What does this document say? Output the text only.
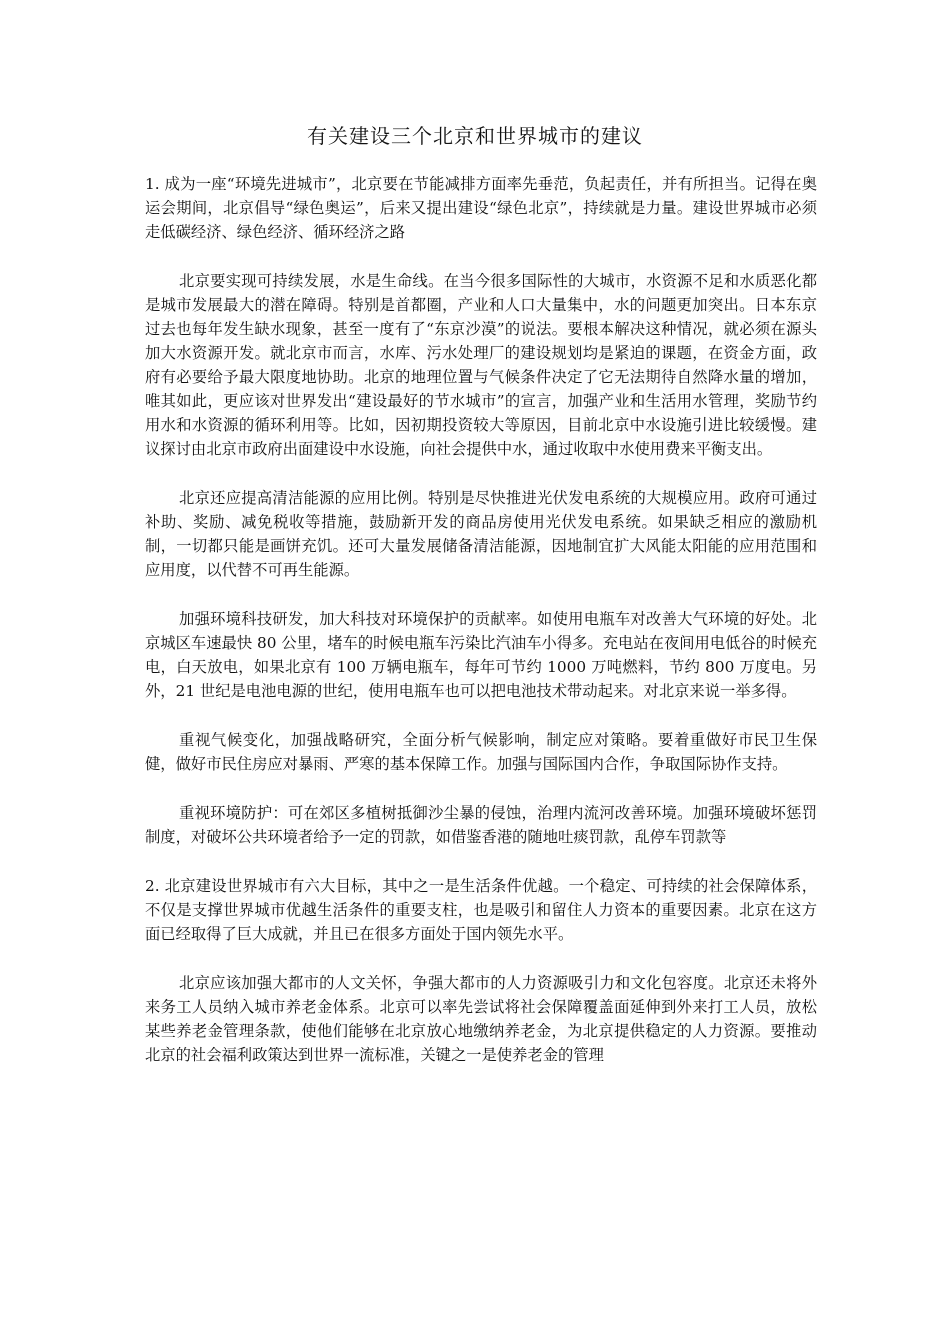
有关建设三个北京和世界城市的建议

1. 成为一座“环境先进城市”，北京要在节能减排方面率先垂范，负起责任，并有所担当。记得在奥运会期间，北京倡导“绿色奥运”，后来又提出建设“绿色北京”，持续就是力量。建设世界城市必须走低碳经济、绿色经济、循环经济之路

北京要实现可持续发展，水是生命线。在当今很多国际性的大城市，水资源不足和水质恶化都是城市发展最大的潜在障碍。特别是首都圈，产业和人口大量集中，水的问题更加突出。日本东京过去也每年发生缺水现象，甚至一度有了“东京沙漠”的说法。要根本解决这种情况，就必须在源头加大水资源开发。就北京市而言，水库、污水处理厂的建设规划均是紧迫的课题，在资金方面，政府有必要给予最大限度地协助。北京的地理位置与气候条件决定了它无法期待自然降水量的增加，唯其如此，更应该对世界发出“建设最好的节水城市”的宣言，加强产业和生活用水管理，奖励节约用水和水资源的循环利用等。比如，因初期投资较大等原因，目前北京中水设施引进比较缓慢。建议探讨由北京市政府出面建设中水设施，向社会提供中水，通过收取中水使用费来平衡支出。

北京还应提高清洁能源的应用比例。特别是尽快推进光伏发电系统的大规模应用。政府可通过补助、奖励、减免税收等措施，鼓励新开发的商品房使用光伏发电系统。如果缺乏相应的激励机制，一切都只能是画饼充饥。还可大量发展储备清洁能源，因地制宜扩大风能太阳能的应用范围和应用度，以代替不可再生能源。

加强环境科技研发，加大科技对环境保护的贡献率。如使用电瓶车对改善大气环境的好处。北京城区车速最快 80 公里，堵车的时候电瓶车污染比汽油车小得多。充电站在夜间用电低谷的时候充电，白天放电，如果北京有 100 万辆电瓶车，每年可节约 1000 万吨燃料，节约 800 万度电。另外，21 世纪是电池电源的世纪，使用电瓶车也可以把电池技术带动起来。对北京来说一举多得。

重视气候变化，加强战略研究，全面分析气候影响，制定应对策略。要着重做好市民卫生保健，做好市民住房应对暴雨、严寒的基本保障工作。加强与国际国内合作，争取国际协作支持。

重视环境防护：可在郊区多植树抵御沙尘暴的侵蚀，治理内流河改善环境。加强环境破坏惩罚制度，对破坏公共环境者给予一定的罚款，如借鉴香港的随地吐痰罚款，乱停车罚款等

2. 北京建设世界城市有六大目标，其中之一是生活条件优越。一个稳定、可持续的社会保障体系，不仅是支撑世界城市优越生活条件的重要支柱，也是吸引和留住人力资本的重要因素。北京在这方面已经取得了巨大成就，并且已在很多方面处于国内领先水平。

北京应该加强大都市的人文关怀，争强大都市的人力资源吸引力和文化包容度。北京还未将外来务工人员纳入城市养老金体系。北京可以率先尝试将社会保障覆盖面延伸到外来打工人员，放松某些养老金管理条款，使他们能够在北京放心地缴纳养老金，为北京提供稳定的人力资源。要推动北京的社会福利政策达到世界一流标准，关键之一是使养老金的管理
